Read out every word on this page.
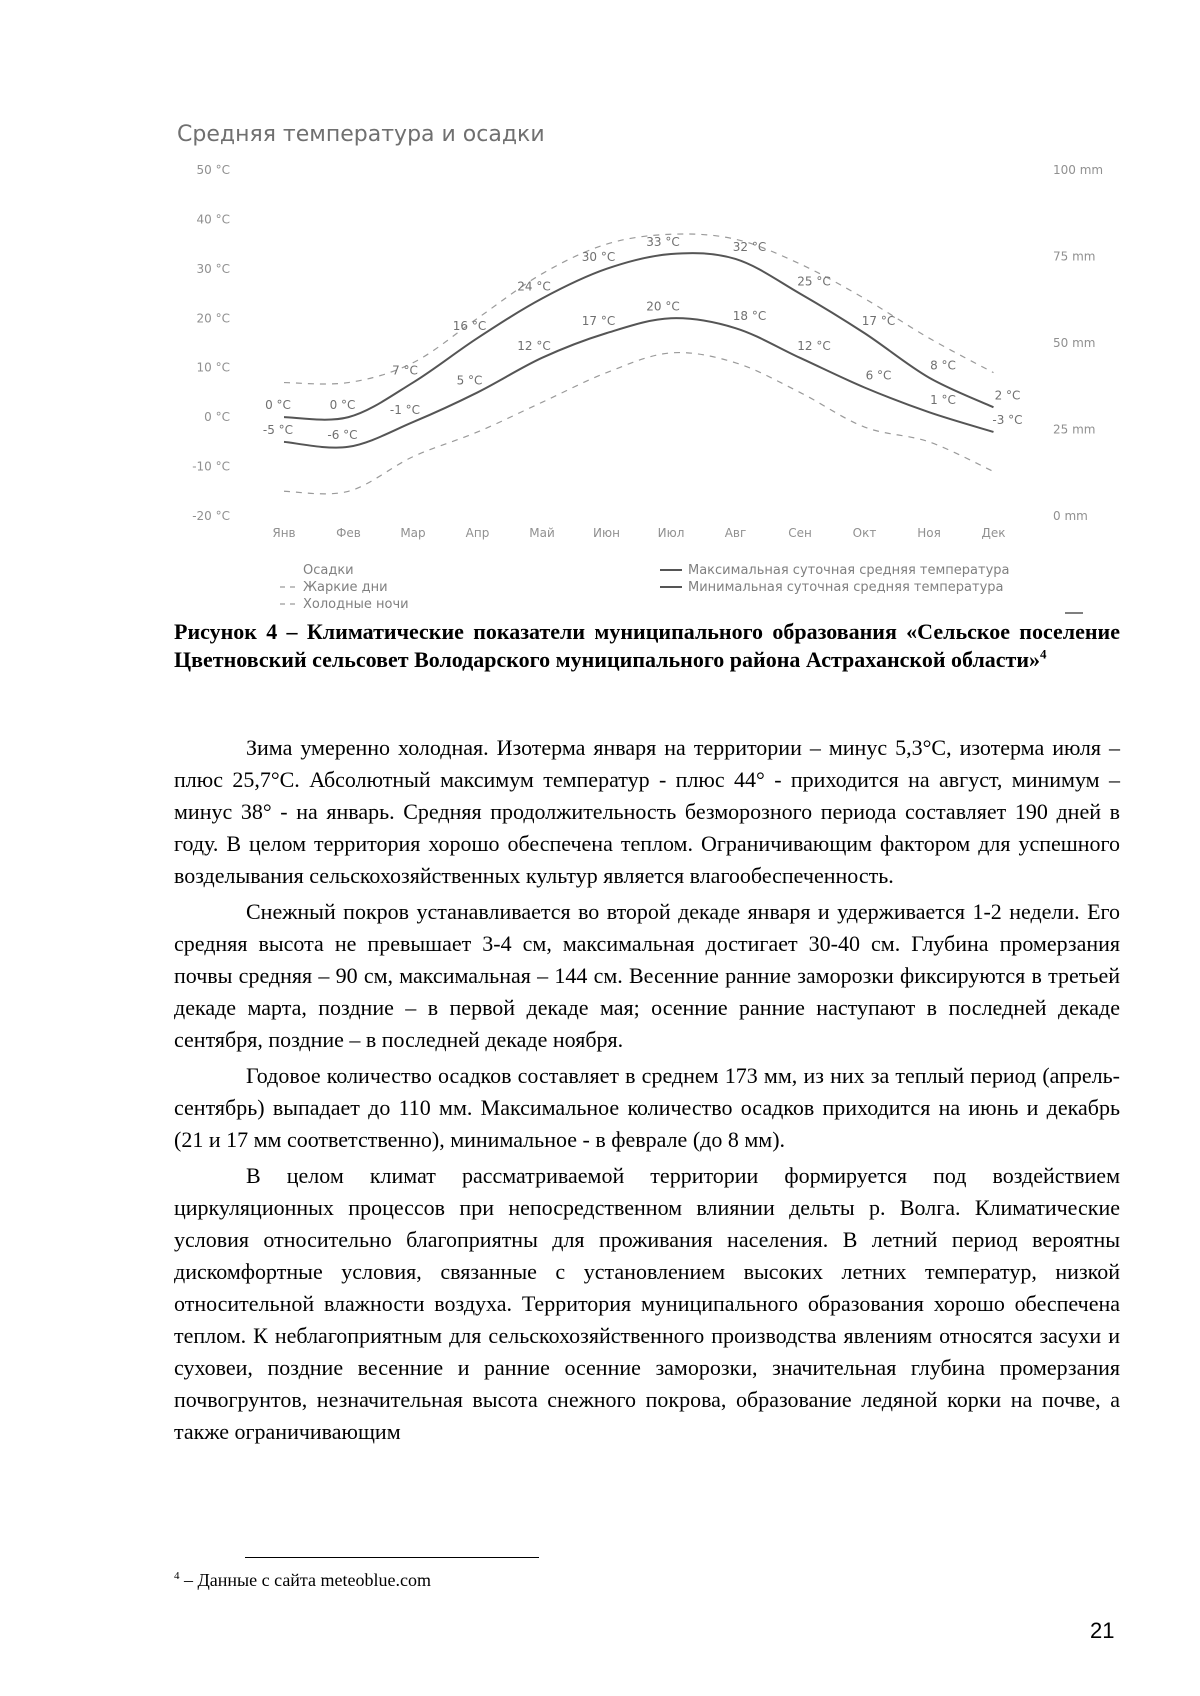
Средняя температура и осадки
50 °C
40 °C
30 °C
20 °C
10 °C
0 °C
-10 °C
-20 °C
100 mm
75 mm
50 mm
25 mm
0 mm
Янв	Фев	Мар	Апр	Май	Июн	Июл	Авг	Сен	Окт	Ноя	Дек
0 °C	0 °C
7 °C
16 °C
24 °C
30 °C
33 °C	32 °C
25 °C
17 °C
8 °C
2 °C
-5 °C	-6 °C
-1 °C
5 °C
12 °C
17 °C
20 °C
18 °C
12 °C
6 °C
1 °C
-3 °C
Осадки
Жаркие дни
Холодные ночи
Максимальная суточная средняя температура
Минимальная суточная средняя температура

Рисунок 4 – Климатические показатели муниципального образования «Сельское поселение Цветновский сельсовет Володарского муниципального района Астраханской области»$^4$

Зима умеренно холодная. Изотерма января на территории – минус 5,3°С, изотерма июля – плюс 25,7°С. Абсолютный максимум температур - плюс 44° - приходится на август, минимум – минус 38° - на январь. Средняя продолжительность безморозного периода составляет 190 дней в году. В целом территория хорошо обеспечена теплом. Ограничивающим фактором для успешного возделывания сельскохозяйственных культур является влагообеспеченность.

Снежный покров устанавливается во второй декаде января и удерживается 1-2 недели. Его средняя высота не превышает 3-4 см, максимальная достигает 30-40 см. Глубина промерзания почвы средняя – 90 см, максимальная – 144 см. Весенние ранние заморозки фиксируются в третьей декаде марта, поздние – в первой декаде мая; осенние ранние наступают в последней декаде сентября, поздние – в последней декаде ноября.

Годовое количество осадков составляет в среднем 173 мм, из них за теплый период (апрель-сентябрь) выпадает до 110 мм. Максимальное количество осадков приходится на июнь и декабрь (21 и 17 мм соответственно), минимальное - в феврале (до 8 мм).

В целом климат рассматриваемой территории формируется под воздействием циркуляционных процессов при непосредственном влиянии дельты р. Волга. Климатические условия относительно благоприятны для проживания населения. В летний период вероятны дискомфортные условия, связанные с установлением высоких летних температур, низкой относительной влажности воздуха. Территория муниципального образования хорошо обеспечена теплом. К неблагоприятным для сельскохозяйственного производства явлениям относятся засухи и суховеи, поздние весенние и ранние осенние заморозки, значительная глубина промерзания почвогрунтов, незначительная высота снежного покрова, образование ледяной корки на почве, а также ограничивающим

$^4$ – Данные с сайта meteoblue.com
21
